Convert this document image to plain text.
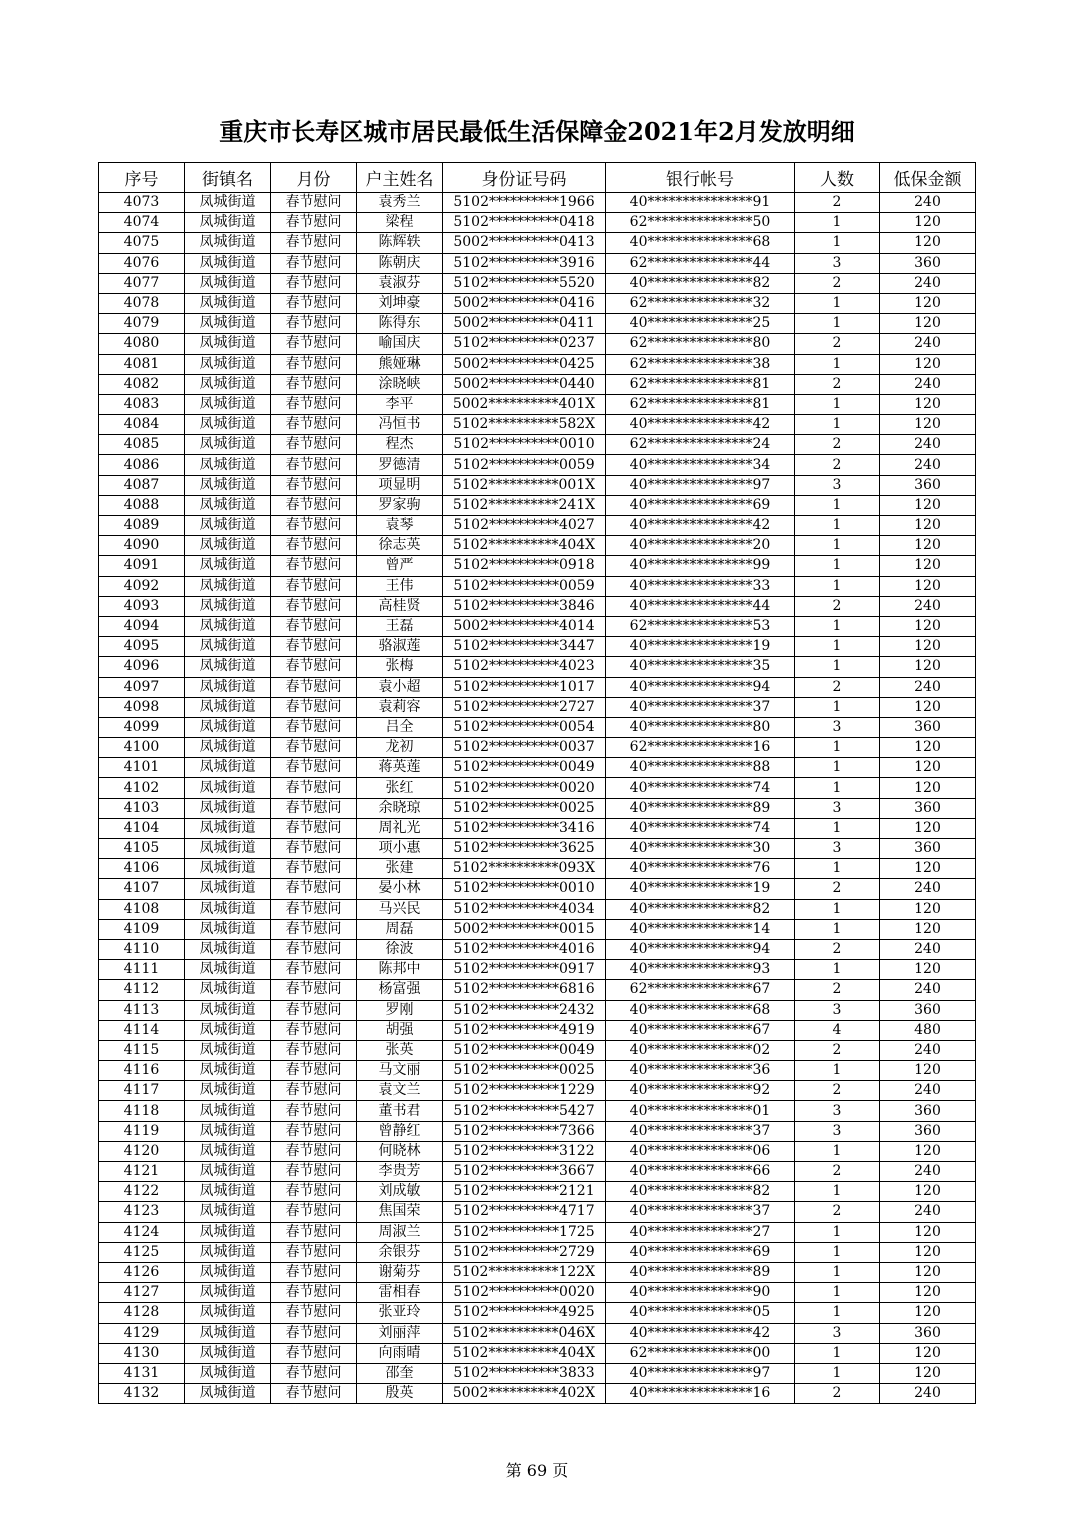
重庆市长寿区城市居民最低生活保障金2021年2月发放明细
序号	街镇名	月份	户主姓名	身份证号码	银行帐号	人数	低保金额
4073	凤城街道	春节慰问	袁秀兰	5102**********1966	40***************91	2	240
4074	凤城街道	春节慰问	梁程	5102**********0418	62***************50	1	120
4075	凤城街道	春节慰问	陈辉轶	5002**********0413	40***************68	1	120
4076	凤城街道	春节慰问	陈朝庆	5102**********3916	62***************44	3	360
4077	凤城街道	春节慰问	袁淑芬	5102**********5520	40***************82	2	240
4078	凤城街道	春节慰问	刘坤豪	5002**********0416	62***************32	1	120
4079	凤城街道	春节慰问	陈得东	5002**********0411	40***************25	1	120
4080	凤城街道	春节慰问	喻国庆	5102**********0237	62***************80	2	240
4081	凤城街道	春节慰问	熊娅琳	5002**********0425	62***************38	1	120
4082	凤城街道	春节慰问	涂晓峡	5002**********0440	62***************81	2	240
4083	凤城街道	春节慰问	李平	5002**********401X	62***************81	1	120
4084	凤城街道	春节慰问	冯恒书	5102**********582X	40***************42	1	120
4085	凤城街道	春节慰问	程杰	5102**********0010	62***************24	2	240
4086	凤城街道	春节慰问	罗德清	5102**********0059	40***************34	2	240
4087	凤城街道	春节慰问	项显明	5102**********001X	40***************97	3	360
4088	凤城街道	春节慰问	罗家驹	5102**********241X	40***************69	1	120
4089	凤城街道	春节慰问	袁琴	5102**********4027	40***************42	1	120
4090	凤城街道	春节慰问	徐志英	5102**********404X	40***************20	1	120
4091	凤城街道	春节慰问	曾严	5102**********0918	40***************99	1	120
4092	凤城街道	春节慰问	王伟	5102**********0059	40***************33	1	120
4093	凤城街道	春节慰问	高桂贤	5102**********3846	40***************44	2	240
4094	凤城街道	春节慰问	王磊	5002**********4014	62***************53	1	120
4095	凤城街道	春节慰问	骆淑莲	5102**********3447	40***************19	1	120
4096	凤城街道	春节慰问	张梅	5102**********4023	40***************35	1	120
4097	凤城街道	春节慰问	袁小超	5102**********1017	40***************94	2	240
4098	凤城街道	春节慰问	袁莉容	5102**********2727	40***************37	1	120
4099	凤城街道	春节慰问	吕全	5102**********0054	40***************80	3	360
4100	凤城街道	春节慰问	龙初	5102**********0037	62***************16	1	120
4101	凤城街道	春节慰问	蒋英莲	5102**********0049	40***************88	1	120
4102	凤城街道	春节慰问	张红	5102**********0020	40***************74	1	120
4103	凤城街道	春节慰问	余晓琼	5102**********0025	40***************89	3	360
4104	凤城街道	春节慰问	周礼光	5102**********3416	40***************74	1	120
4105	凤城街道	春节慰问	项小惠	5102**********3625	40***************30	3	360
4106	凤城街道	春节慰问	张建	5102**********093X	40***************76	1	120
4107	凤城街道	春节慰问	晏小林	5102**********0010	40***************19	2	240
4108	凤城街道	春节慰问	马兴民	5102**********4034	40***************82	1	120
4109	凤城街道	春节慰问	周磊	5002**********0015	40***************14	1	120
4110	凤城街道	春节慰问	徐波	5102**********4016	40***************94	2	240
4111	凤城街道	春节慰问	陈邦中	5102**********0917	40***************93	1	120
4112	凤城街道	春节慰问	杨富强	5102**********6816	62***************67	2	240
4113	凤城街道	春节慰问	罗刚	5102**********2432	40***************68	3	360
4114	凤城街道	春节慰问	胡强	5102**********4919	40***************67	4	480
4115	凤城街道	春节慰问	张英	5102**********0049	40***************02	2	240
4116	凤城街道	春节慰问	马文丽	5102**********0025	40***************36	1	120
4117	凤城街道	春节慰问	袁文兰	5102**********1229	40***************92	2	240
4118	凤城街道	春节慰问	董书君	5102**********5427	40***************01	3	360
4119	凤城街道	春节慰问	曾静红	5102**********7366	40***************37	3	360
4120	凤城街道	春节慰问	何晓林	5102**********3122	40***************06	1	120
4121	凤城街道	春节慰问	李贵芳	5102**********3667	40***************66	2	240
4122	凤城街道	春节慰问	刘成敏	5102**********2121	40***************82	1	120
4123	凤城街道	春节慰问	焦国荣	5102**********4717	40***************37	2	240
4124	凤城街道	春节慰问	周淑兰	5102**********1725	40***************27	1	120
4125	凤城街道	春节慰问	余银芬	5102**********2729	40***************69	1	120
4126	凤城街道	春节慰问	谢菊芬	5102**********122X	40***************89	1	120
4127	凤城街道	春节慰问	雷相春	5102**********0020	40***************90	1	120
4128	凤城街道	春节慰问	张亚玲	5102**********4925	40***************05	1	120
4129	凤城街道	春节慰问	刘丽萍	5102**********046X	40***************42	3	360
4130	凤城街道	春节慰问	向雨晴	5102**********404X	62***************00	1	120
4131	凤城街道	春节慰问	邵奎	5102**********3833	40***************97	1	120
4132	凤城街道	春节慰问	殷英	5002**********402X	40***************16	2	240
第 69 页
